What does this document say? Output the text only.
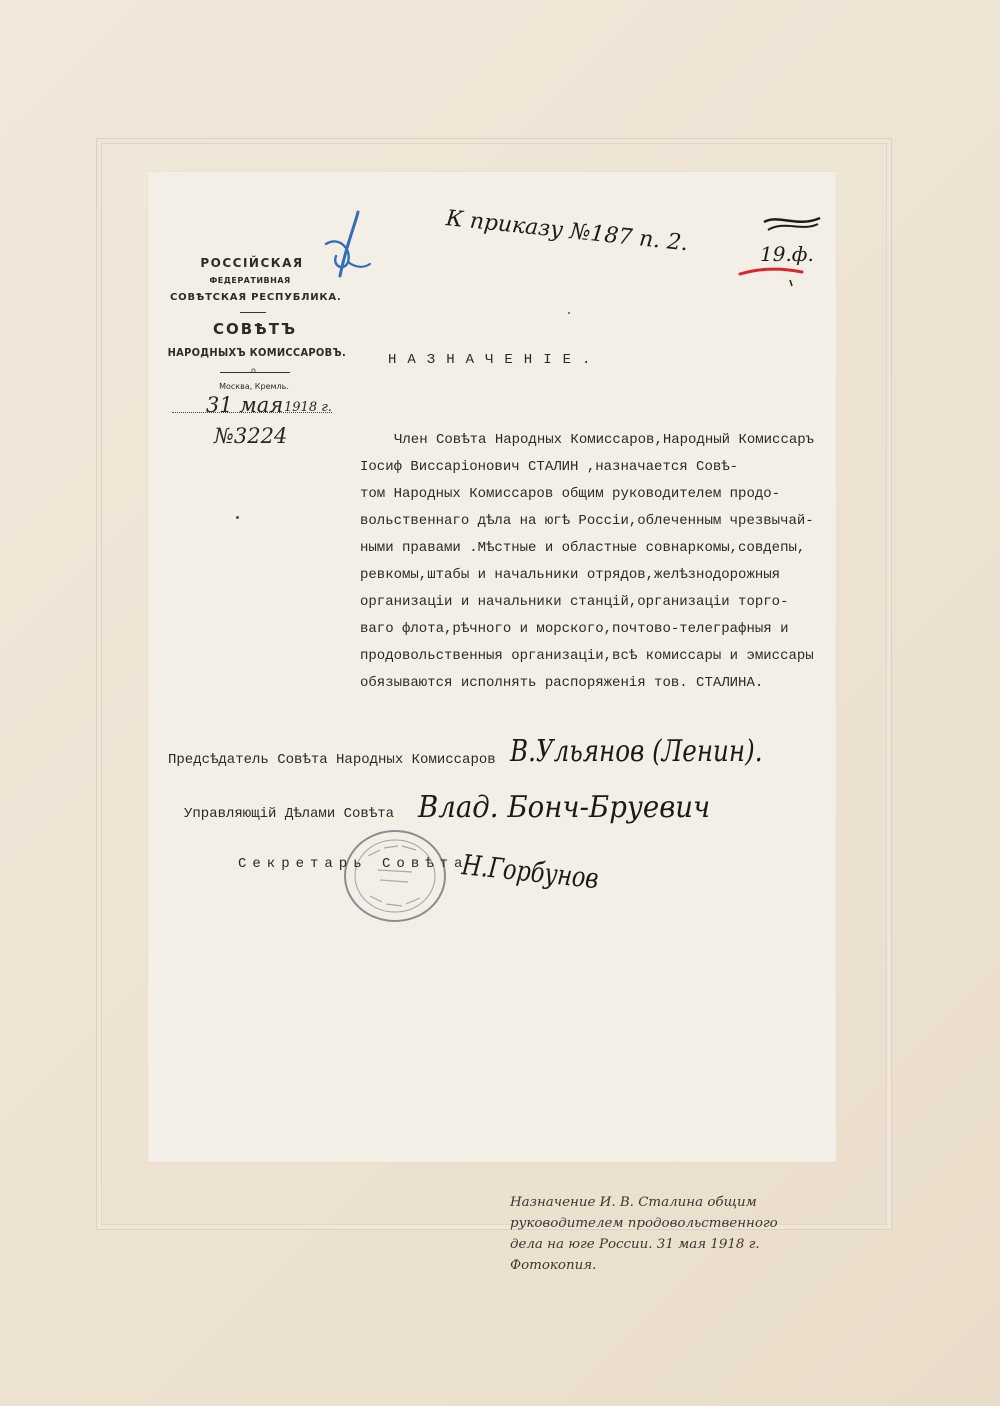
РОССІЙСКАЯ
ФЕДЕРАТИВНАЯ
СОВѢТСКАЯ РЕСПУБЛИКА.
СОВѢТЪ
НАРОДНЫХЪ КОМИССАРОВЪ.
o
Москва, Кремль.
31 мая 1918 г.
№3224
К приказу №187 п. 2.	19.ф.
НАЗНАЧЕНІЕ.
Член Совѣта Народных Комиссаров,Народный Комиссаръ
Іосиф Виссаріонович СТАЛИН ,назначается Совѣ-
том Народных Комиссаров общим руководителем продо-
вольственнаго дѣла на югѣ Россiи,облеченным чрезвычай-
ными правами .Мѣстные и областные совнаркомы,совдепы,
ревкомы,штабы и начальники отрядов,желѣзнодорожныя
организацiи и начальники станцiй,организацiи торго-
ваго флота,рѣчного и морского,почтово-телеграфныя и
продовольственныя организацiи,всѣ комиссары и эмиссары
обязываются исполнять распоряженiя тов. СТАЛИНА.
Предсѣдатель Совѣта Народных Комиссаров В.Ульянов (Ленин).
Управляющiй Дѣлами Совѣта Влад. Бонч-Бруевич
Секретарь Совѣта
Н.Горбунов
Назначение И. В. Сталина общим руководителем продовольственного дела на юге России. 31 мая 1918 г. Фотокопия.
